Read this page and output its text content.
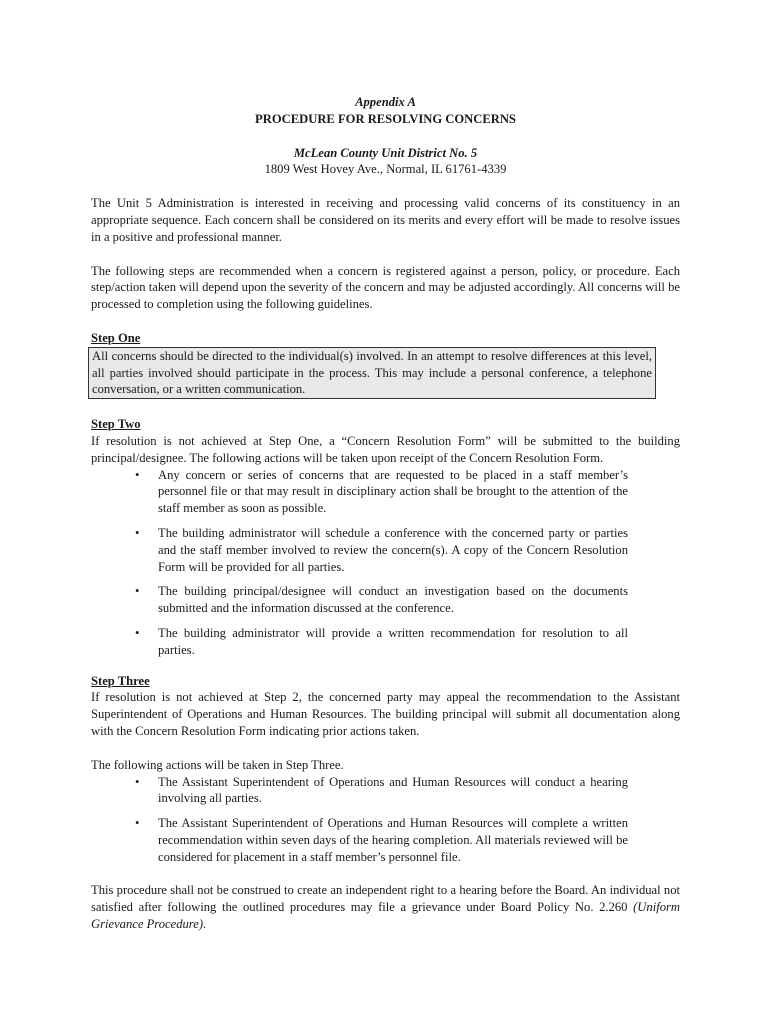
Appendix A
PROCEDURE FOR RESOLVING CONCERNS
McLean County Unit District No. 5
1809 West Hovey Ave., Normal, IL 61761-4339

The Unit 5 Administration is interested in receiving and processing valid concerns of its constituency in an appropriate sequence. Each concern shall be considered on its merits and every effort will be made to resolve issues in a positive and professional manner.

The following steps are recommended when a concern is registered against a person, policy, or procedure. Each step/action taken will depend upon the severity of the concern and may be adjusted accordingly. All concerns will be processed to completion using the following guidelines.

Step One

All concerns should be directed to the individual(s) involved. In an attempt to resolve differences at this level, all parties involved should participate in the process. This may include a personal conference, a telephone conversation, or a written communication.

Step Two

If resolution is not achieved at Step One, a “Concern Resolution Form” will be submitted to the building principal/designee. The following actions will be taken upon receipt of the Concern Resolution Form.

• Any concern or series of concerns that are requested to be placed in a staff member’s personnel file or that may result in disciplinary action shall be brought to the attention of the staff member as soon as possible.
• The building administrator will schedule a conference with the concerned party or parties and the staff member involved to review the concern(s). A copy of the Concern Resolution Form will be provided for all parties.
• The building principal/designee will conduct an investigation based on the documents submitted and the information discussed at the conference.
• The building administrator will provide a written recommendation for resolution to all parties.

Step Three

If resolution is not achieved at Step 2, the concerned party may appeal the recommendation to the Assistant Superintendent of Operations and Human Resources. The building principal will submit all documentation along with the Concern Resolution Form indicating prior actions taken.

The following actions will be taken in Step Three.

• The Assistant Superintendent of Operations and Human Resources will conduct a hearing involving all parties.
• The Assistant Superintendent of Operations and Human Resources will complete a written recommendation within seven days of the hearing completion. All materials reviewed will be considered for placement in a staff member’s personnel file.

This procedure shall not be construed to create an independent right to a hearing before the Board. An individual not satisfied after following the outlined procedures may file a grievance under Board Policy No. 2.260 (Uniform Grievance Procedure).
